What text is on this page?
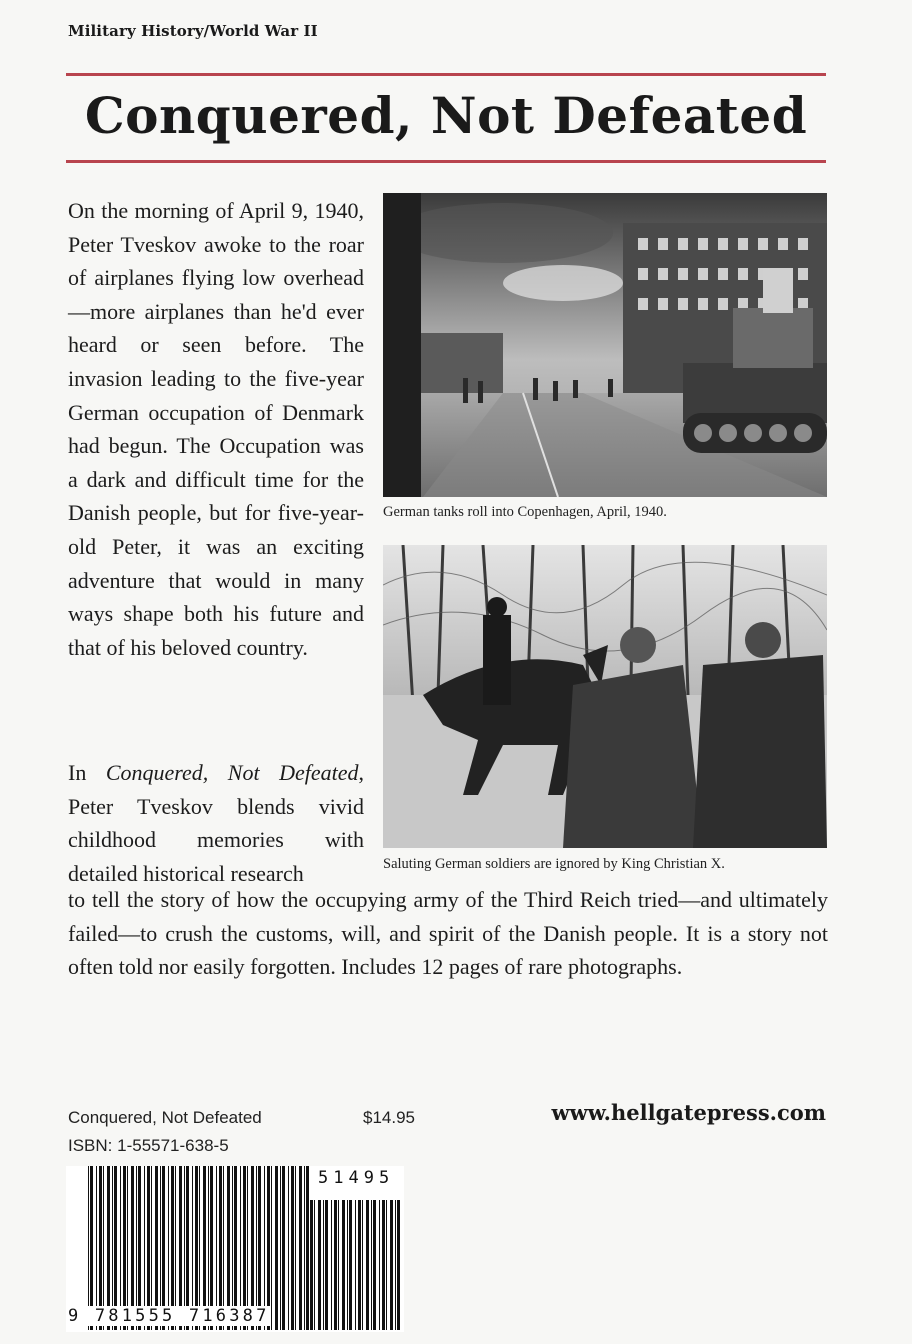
Military History/World War II
Conquered, Not Defeated

On the morning of April 9, 1940, Peter Tveskov awoke to the roar of airplanes flying low overhead—more airplanes than he'd ever heard or seen before. The invasion leading to the five-year German occupation of Denmark had begun. The Occupation was a dark and difficult time for the Danish people, but for five-year-old Peter, it was an exciting adventure that would in many ways shape both his future and that of his beloved country.

In Conquered, Not Defeated, Peter Tveskov blends vivid childhood memories with detailed historical research

to tell the story of how the occupying army of the Third Reich tried—and ultimately failed—to crush the customs, will, and spirit of the Danish people. It is a story not often told nor easily forgotten. Includes 12 pages of rare photographs.

German tanks roll into Copenhagen, April, 1940.
Saluting German soldiers are ignored by King Christian X.
Conquered, Not Defeated	$14.95
ISBN: 1-55571-638-5
www.hellgatepress.com
51495
9 781555 716387
